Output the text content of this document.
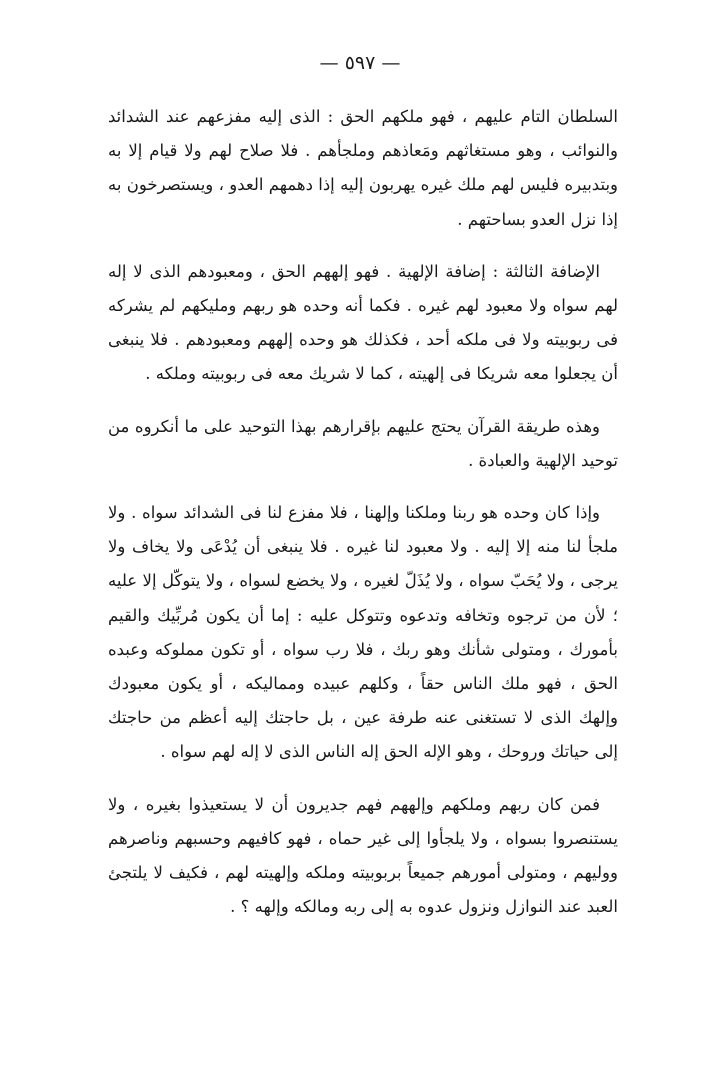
— ٥٩٧ —

السلطان التام عليهم ، فهو ملكهم الحق : الذى إليه مفزعهم عند الشدائد والنوائب ، وهو مستغاثهم ومَعاذهم وملجأهم . فلا صلاح لهم ولا قيام إلا به وبتدبيره فليس لهم ملك غيره يهربون إليه إذا دهمهم العدو ، ويستصرخون به إذا نزل العدو بساحتهم .

الإضافة الثالثة : إضافة الإلهية . فهو إلههم الحق ، ومعبودهم الذى لا إله لهم سواه ولا معبود لهم غيره . فكما أنه وحده هو ربهم ومليكهم لم يشركه فى ربوبيته ولا فى ملكه أحد ، فكذلك هو وحده إلههم ومعبودهم . فلا ينبغى أن يجعلوا معه شريكا فى إلهيته ، كما لا شريك معه فى ربوبيته وملكه .

وهذه طريقة القرآن يحتج عليهم بإقرارهم بهذا التوحيد على ما أنكروه من توحيد الإلهية والعبادة .

وإذا كان وحده هو ربنا وملكنا وإلهنا ، فلا مفزع لنا فى الشدائد سواه . ولا ملجأ لنا منه إلا إليه . ولا معبود لنا غيره . فلا ينبغى أن يُدْعَى ولا يخاف ولا يرجى ، ولا يُحَبّ سواه ، ولا يُذَلّ لغيره ، ولا يخضع لسواه ، ولا يتوكّل إلا عليه ؛ لأن من ترجوه وتخافه وتدعوه وتتوكل عليه : إما أن يكون مُربِّيك والقيم بأمورك ، ومتولى شأنك وهو ربك ، فلا رب سواه ، أو تكون مملوكه وعبده الحق ، فهو ملك الناس حقاً ، وكلهم عبيده ومماليكه ، أو يكون معبودك وإلهك الذى لا تستغنى عنه طرفة عين ، بل حاجتك إليه أعظم من حاجتك إلى حياتك وروحك ، وهو الإله الحق إله الناس الذى لا إله لهم سواه .

فمن كان ربهم وملكهم وإلههم فهم جديرون أن لا يستعيذوا بغيره ، ولا يستنصروا بسواه ، ولا يلجأوا إلى غير حماه ، فهو كافيهم وحسبهم وناصرهم ووليهم ، ومتولى أمورهم جميعاً بربوبيته وملكه وإلهيته لهم ، فكيف لا يلتجئ العبد عند النوازل ونزول عدوه به إلى ربه ومالكه وإلهه ؟ .
